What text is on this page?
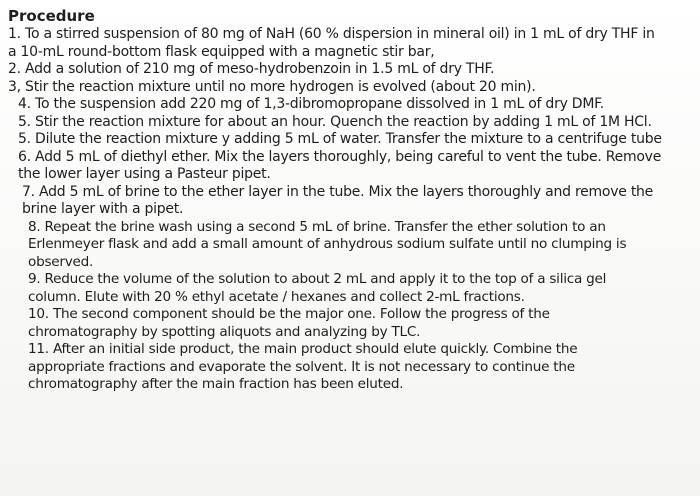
Procedure

1. To a stirred suspension of 80 mg of NaH (60 % dispersion in mineral oil) in 1 mL of dry THF in
a 10-mL round-bottom flask equipped with a magnetic stir bar,

2. Add a solution of 210 mg of meso-hydrobenzoin in 1.5 mL of dry THF.

3, Stir the reaction mixture until no more hydrogen is evolved (about 20 min).

4. To the suspension add 220 mg of 1,3-dibromopropane dissolved in 1 mL of dry DMF.

5. Stir the reaction mixture for about an hour. Quench the reaction by adding 1 mL of 1M HCl.

5. Dilute the reaction mixture y adding 5 mL of water. Transfer the mixture to a centrifuge tube

6. Add 5 mL of diethyl ether. Mix the layers thoroughly, being careful to vent the tube. Remove
the lower layer using a Pasteur pipet.

7. Add 5 mL of brine to the ether layer in the tube. Mix the layers thoroughly and remove the
brine layer with a pipet.

8. Repeat the brine wash using a second 5 mL of brine. Transfer the ether solution to an
Erlenmeyer flask and add a small amount of anhydrous sodium sulfate until no clumping is
observed.

9. Reduce the volume of the solution to about 2 mL and apply it to the top of a silica gel
column. Elute with 20 % ethyl acetate / hexanes and collect 2-mL fractions.

10. The second component should be the major one. Follow the progress of the
chromatography by spotting aliquots and analyzing by TLC.

11. After an initial side product, the main product should elute quickly. Combine the
appropriate fractions and evaporate the solvent. It is not necessary to continue the
chromatography after the main fraction has been eluted.
